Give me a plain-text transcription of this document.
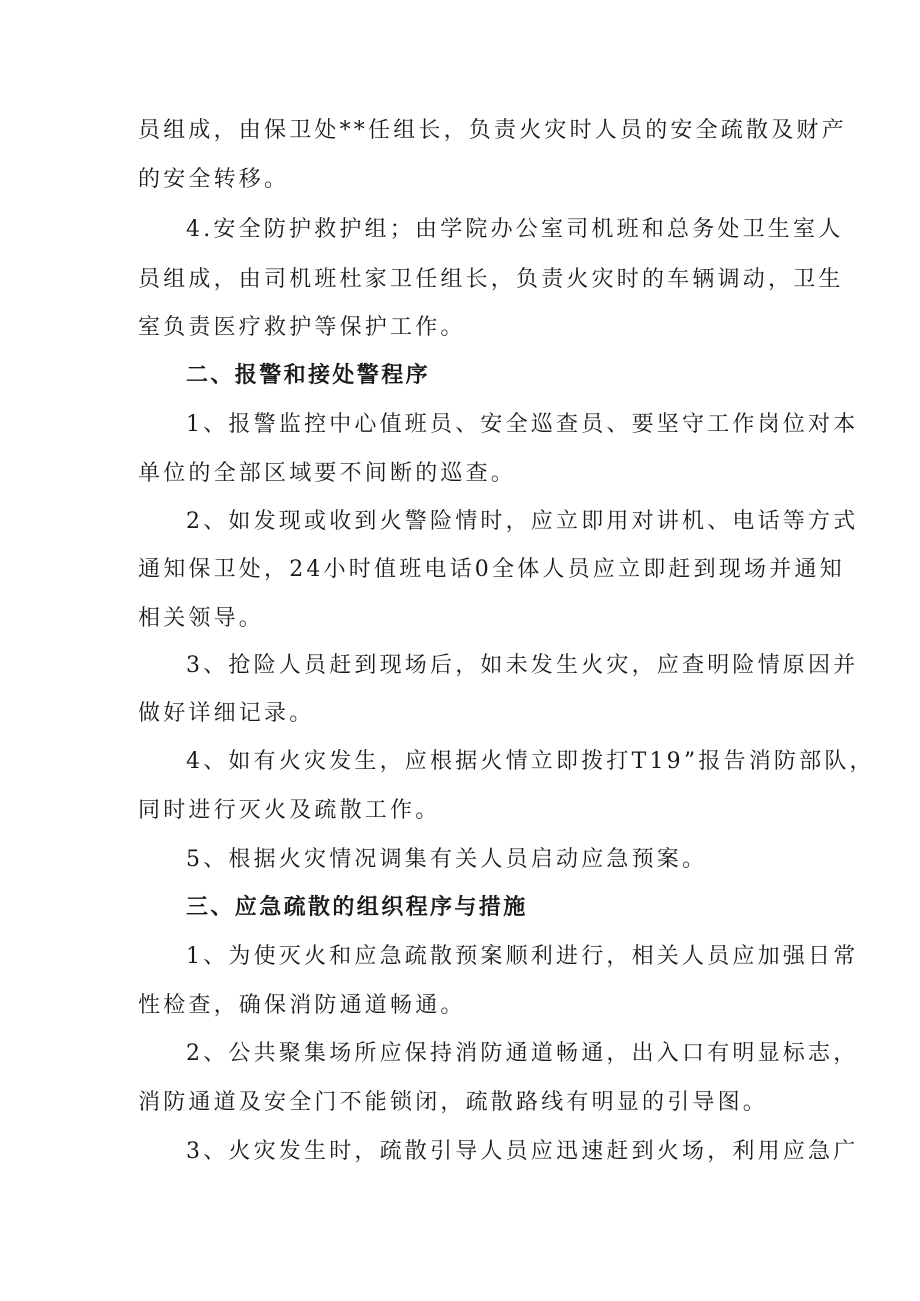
员组成，由保卫处**任组长，负责火灾时人员的安全疏散及财产
的安全转移。
4.安全防护救护组；由学院办公室司机班和总务处卫生室人
员组成，由司机班杜家卫任组长，负责火灾时的车辆调动，卫生
室负责医疗救护等保护工作。
二、报警和接处警程序
1、报警监控中心值班员、安全巡查员、要坚守工作岗位对本
单位的全部区域要不间断的巡查。
2、如发现或收到火警险情时，应立即用对讲机、电话等方式
通知保卫处，24小时值班电话0全体人员应立即赶到现场并通知
相关领导。
3、抢险人员赶到现场后，如未发生火灾，应查明险情原因并
做好详细记录。
4、如有火灾发生，应根据火情立即拨打T19”报告消防部队，
同时进行灭火及疏散工作。
5、根据火灾情况调集有关人员启动应急预案。
三、应急疏散的组织程序与措施
1、为使灭火和应急疏散预案顺利进行，相关人员应加强日常
性检查，确保消防通道畅通。
2、公共聚集场所应保持消防通道畅通，出入口有明显标志，
消防通道及安全门不能锁闭，疏散路线有明显的引导图。
3、火灾发生时，疏散引导人员应迅速赶到火场，利用应急广
